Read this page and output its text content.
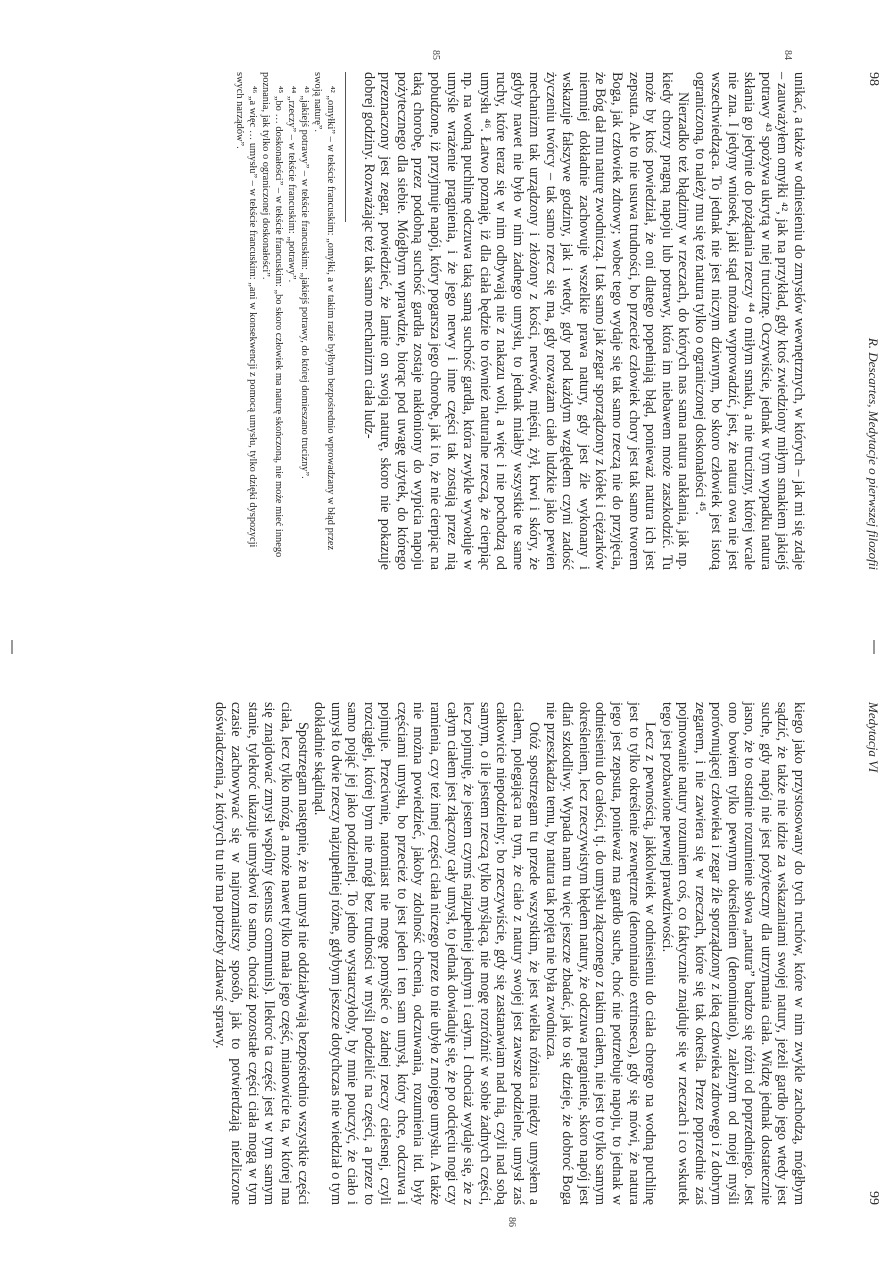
98
R. Descartes, Medytacje o pierwszej filozofii
84
85

unikać, a także w odniesieniu do zmysłów wewnętrznych, w których – jak mi się zdaje – zauważyłem omyłki ⁴², jak na przykład, gdy ktoś zwiedziony miłym smakiem jakiejś potrawy ⁴³ spożywa ukrytą w niej truciznę. Oczywiście, jednak w tym wypadku natura skłania go jedynie do pożądania rzeczy ⁴⁴ o miłym smaku, a nie trucizny, której wcale nie zna. I jedyny wniosek, jaki stąd można wyprowadzić, jest, że natura owa nie jest wszechwiedząca. To jednak nie jest niczym dziwnym, bo skoro człowiek jest istotą ograniczoną, to należy mu się też natura tylko o ograniczonej doskonałości ⁴⁵.

Nierzadko też błądzimy w rzeczach, do których nas sama natura nakłania, jak np. kiedy chorzy pragną napoju lub potrawy, która im niebawem może zaszkodzić. Tu może by ktoś powiedział, że oni dlatego popełniają błąd, ponieważ natura ich jest zepsuta. Ale to nie usuwa trudności, bo przecież człowiek chory jest tak samo tworem Boga, jak człowiek zdrowy; wobec tego wydaje się tak samo rzeczą nie do przyjęcia, że Bóg dał mu naturę zwodniczą. I tak samo jak zegar sporządzony z kółek i ciężarków niemniej dokładnie zachowuje wszelkie prawa natury, gdy jest źle wykonany i wskazuje fałszywe godziny, jak i wtedy, gdy pod każdym względem czyni zadość życzeniu twórcy – tak samo rzecz się ma, gdy rozważam ciało ludzkie jako pewien mechanizm tak urządzony i złożony z kości, nerwów, mięśni, żył, krwi i skóry, że gdyby nawet nie było w nim żadnego umysłu, to jednak miałby wszystkie te same ruchy, które teraz się w nim odbywają nie z nakazu woli, a więc i nie pochodzą od umysłu ⁴⁶. Łatwo poznaję, iż dla ciała będzie to również naturalne rzeczą, że cierpiąc np. na wodną puchlinę odczuwa taką samą suchość gardła, która zwykle wywołuje w umyśle wrażenie pragnienia, i że jego nerwy i inne części tak zostają przez nią pobudzone, iż przyjmuje napój, który pogarsza jego chorobę, jak i to, że nie cierpiąc na taką chorobę, przez podobną suchość gardła zostaje nakłoniony do wypicia napoju pożytecznego dla siebie. Mógłbym wprawdzie, biorąc pod uwagę użytek, do którego przeznaczony jest zegar, powiedzieć, że lamie on swoją naturę, skoro nie pokazuje dobrej godziny. Rozważając też tak samo mechanizm ciała ludz-

⁴² „omyłki” – w tekście francuskim: „omyłki, a w takim razie byłbym bezpośrednio wprowadzany w błąd przez swoją naturę”.

⁴³ „jakiejś potrawy” – w tekście francuskim: „jakiejś potrawy, do której domieszano trucizny”.

⁴⁴ „rzeczy” – w tekście francuskim: „potrawy”.

⁴⁵ „bo … doskonałości” – w tekście francuskim: „bo skoro człowiek ma naturę skończoną, nie może mieć innego poznania, jak tylko o ograniczonej doskonałości”.

⁴⁶ „a więc … umysłu” – w tekście francuskim: „ani w konsekwencji z pomocą umysłu, tylko dzięki dyspozycji swych narządów”.

Medytacja VI
99
86

kiego jako przystosowany do tych ruchów, które w nim zwykle zachodzą, mógłbym sądzić, że także nie idzie za wskazaniami swojej natury, jeżeli gardło jego wtedy jest suche, gdy napój nie jest pożyteczny dla utrzymania ciała. Widzę jednak dostatecznie jasno, że to ostatnie rozumienie słowa „natura” bardzo się różni od poprzedniego. Jest ono bowiem tylko pewnym określeniem (denominatio), zależnym od mojej myśli porównującej człowieka i zegar źle sporządzony z ideą człowieka zdrowego i z dobrym zegarem, i nie zawiera się w rzeczach, które się tak określa. Przez poprzednie zaś pojmowanie natury rozumiem coś, co faktycznie znajduje się w rzeczach i co wskutek tego jest pozbawione pewnej prawdziwości.

Lecz z pewnością, jakkolwiek w odniesieniu do ciała chorego na wodną puchlinę jest to tylko określenie zewnętrzne (denominatio extrinseca), gdy się mówi, że natura jego jest zepsuta, ponieważ ma gardło suche, choć nie potrzebuje napoju, to jednak w odniesieniu do całości, tj. do umysłu złączonego z takim ciałem, nie jest to tylko samym określeniem, lecz rzeczywistym błędem natury, że odczuwa pragnienie, skoro napój jest dlań szkodliwy. Wypada nam tu więc jeszcze zbadać, jak to się dzieje, że dobroć Boga nie przeszkadza temu, by natura tak pojęta nie była zwodnicza.

Otóż spostrzegam tu przede wszystkim, że jest wielka różnica między umysłem a ciałem, polegająca na tym, że ciało z natury swojej jest zawsze podzielne, umysł zaś całkowicie niepodzielny; bo rzeczywiście, gdy się zastanawiam nad nią, czyli nad sobą samym, o ile jestem rzeczą tylko myślącą, nie mogę rozróżnić w sobie żadnych części, lecz pojmuję, że jestem czymś najzupełniej jednym i całym. I chociaż wydaje się, że z całym ciałem jest złączony cały umysł, to jednak dowiaduję się, że po odcięciu nogi czy ramienia, czy też innej części ciała niczego przez to nie ubyło z mojego umysłu. A także nie można powiedzieć, jakoby zdolność chcenia, odczuwania, rozumienia itd. były częściami umysłu, bo przecież to jest jeden i ten sam umysł, który chce, odczuwa i pojmuje. Przeciwnie, natomiast nie mogę pomyśleć o żadnej rzeczy cielesnej, czyli rozciągłej, której bym nie mógł bez trudności w myśli podzielić na części, a przez to samo pojąć jej jako podzielnej. To jedno wystarczyłoby, by mnie pouczyć, że ciało i umysł to dwie rzeczy najzupełniej różne, gdybym jeszcze dotychczas nie wiedział o tym dokładnie skądinąd.

Spostrzegam następnie, że na umysł nie oddziaływają bezpośrednio wszystkie części ciała, lecz tylko mózg, a może nawet tylko mała jego część, mianowicie ta, w której ma się znajdować zmysł wspólny (sensus communis). Ilekroć ta część jest w tym samym stanie, tylekroć ukazuje umysłowi to samo, chociaż pozostałe części ciała mogą w tym czasie zachowywać się w najrozmaitszy sposób, jak to potwierdzają niezliczone doświadczenia, z których tu nie ma potrzeby zdawać sprawy.
